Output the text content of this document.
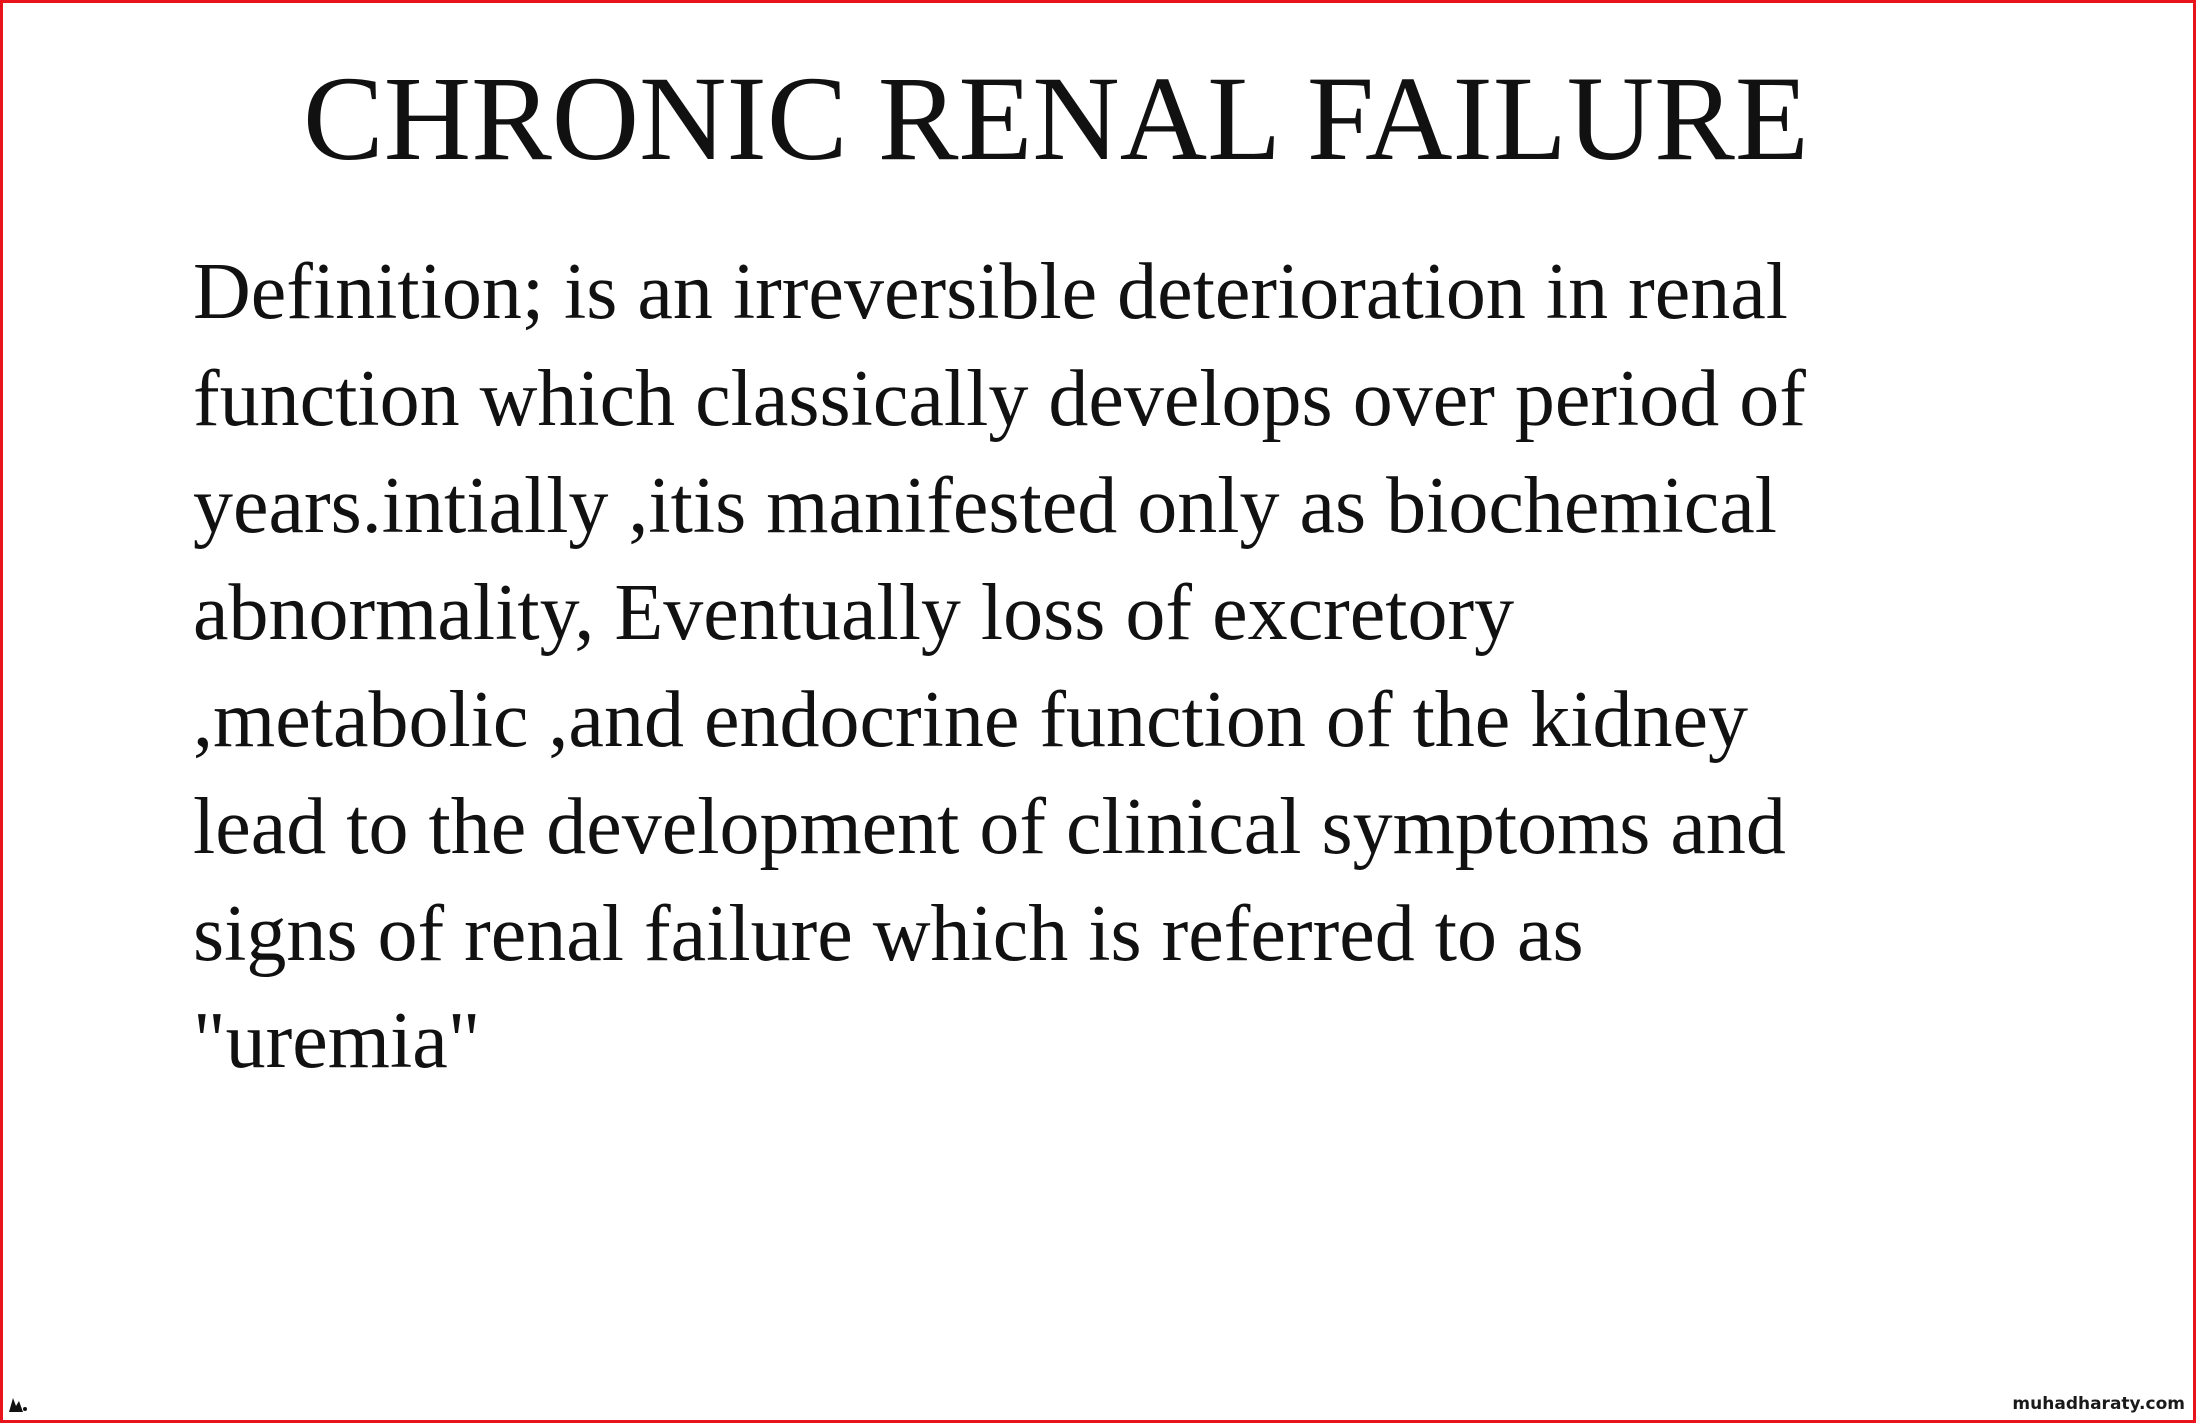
CHRONIC RENAL FAILURE
Definition; is an irreversible deterioration in renal
function which classically develops over period of
years.intially ,itis manifested only as biochemical
abnormality, Eventually loss of excretory
,metabolic ,and endocrine function of the kidney
lead to the development of clinical symptoms and
signs of renal failure which is referred to as
"uremia"
muhadharaty.com
